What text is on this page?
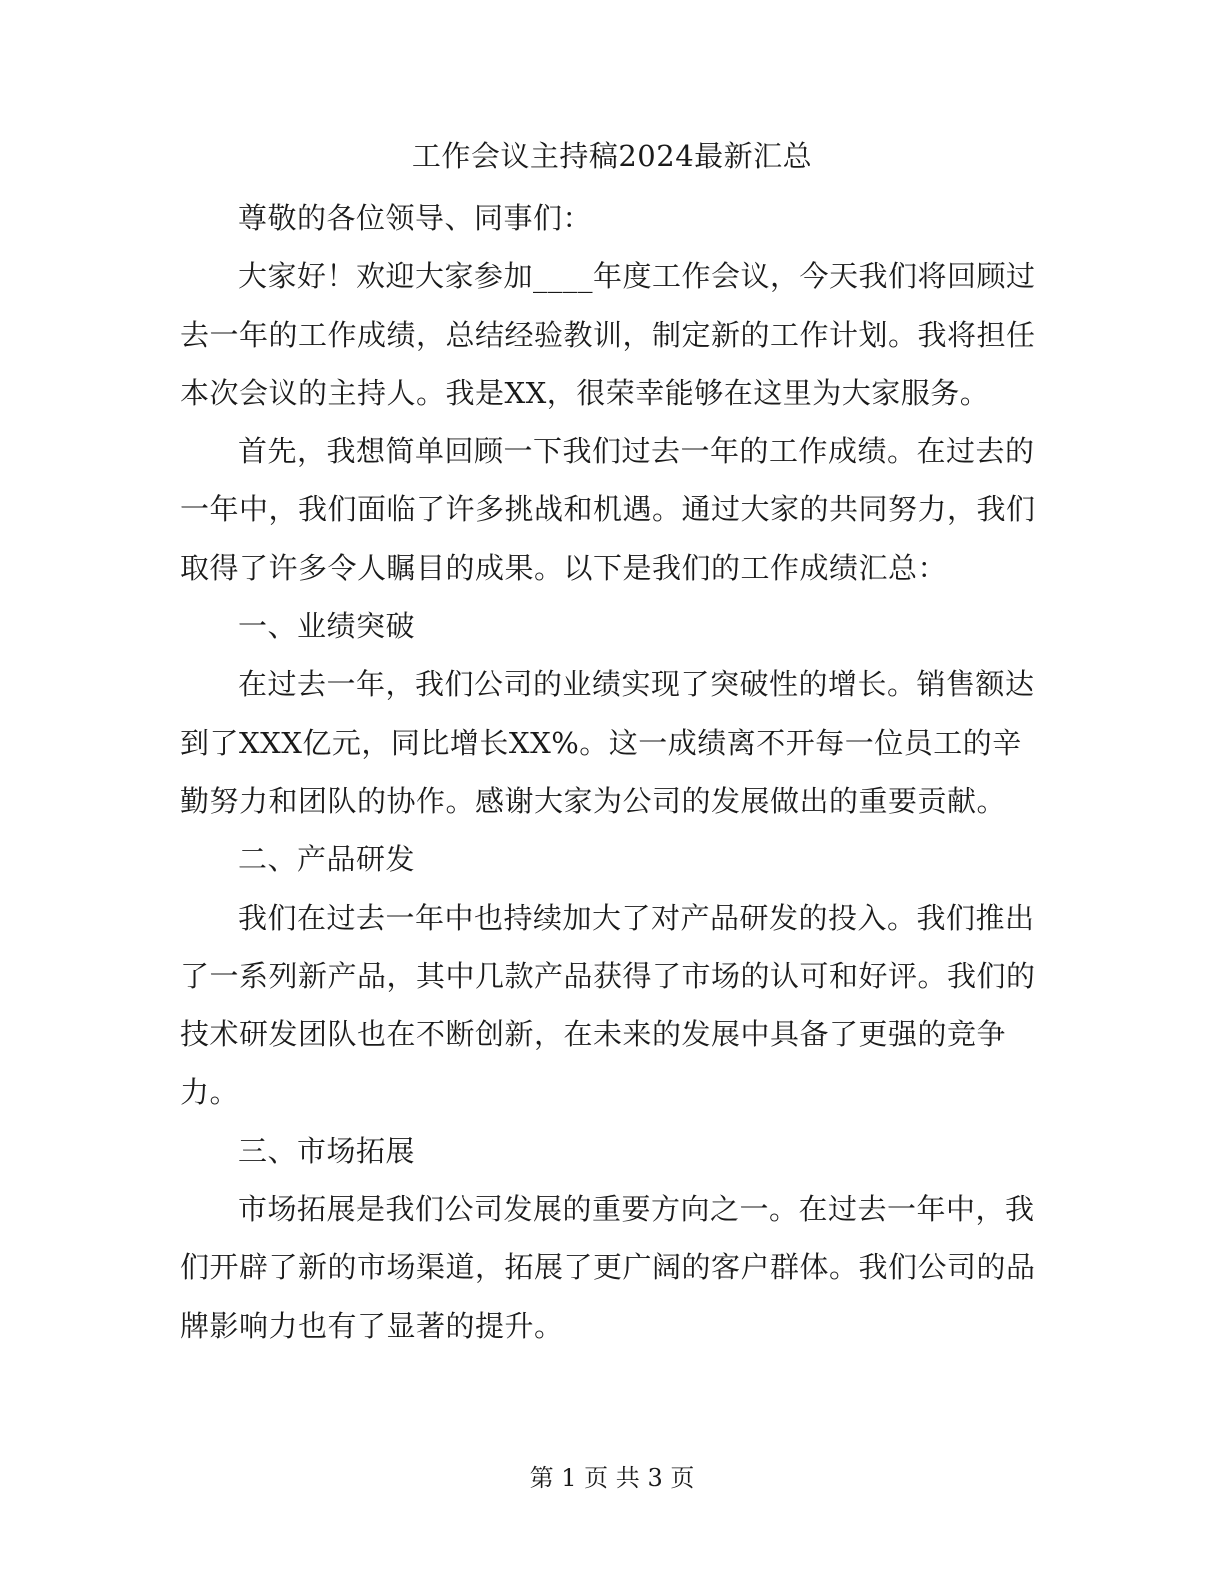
工作会议主持稿2024最新汇总

尊敬的各位领导、同事们：

大家好！欢迎大家参加____年度工作会议，今天我们将回顾过去一年的工作成绩，总结经验教训，制定新的工作计划。我将担任本次会议的主持人。我是XX，很荣幸能够在这里为大家服务。

首先，我想简单回顾一下我们过去一年的工作成绩。在过去的一年中，我们面临了许多挑战和机遇。通过大家的共同努力，我们取得了许多令人瞩目的成果。以下是我们的工作成绩汇总：

一、业绩突破

在过去一年，我们公司的业绩实现了突破性的增长。销售额达到了XXX亿元，同比增长XX%。这一成绩离不开每一位员工的辛勤努力和团队的协作。感谢大家为公司的发展做出的重要贡献。

二、产品研发

我们在过去一年中也持续加大了对产品研发的投入。我们推出了一系列新产品，其中几款产品获得了市场的认可和好评。我们的技术研发团队也在不断创新，在未来的发展中具备了更强的竞争力。

三、市场拓展

市场拓展是我们公司发展的重要方向之一。在过去一年中，我们开辟了新的市场渠道，拓展了更广阔的客户群体。我们公司的品牌影响力也有了显著的提升。

第 1 页 共 3 页
